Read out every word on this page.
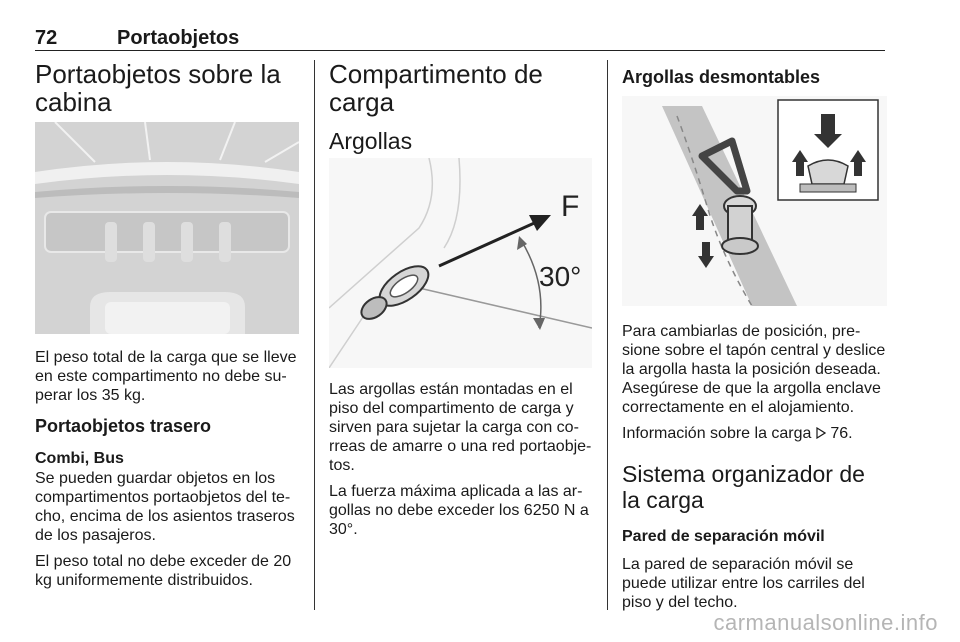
72	Portaobjetos
Portaobjetos sobre la cabina

El peso total de la carga que se lleve en este compartimento no debe su-perar los 35 kg.

Portaobjetos trasero
Combi, Bus

Se pueden guardar objetos en los compartimentos portaobjetos del te-cho, encima de los asientos traseros de los pasajeros.

El peso total no debe exceder de 20 kg uniformemente distribuidos.

Compartimento de carga
Argollas
F
30°

Las argollas están montadas en el piso del compartimento de carga y sirven para sujetar la carga con co-rreas de amarre o una red portaobje-tos.

La fuerza máxima aplicada a las ar-gollas no debe exceder los 6250 N a 30°.

Argollas desmontables

Para cambiarlas de posición, pre-sione sobre el tapón central y deslice la argolla hasta la posición deseada. Asegúrese de que la argolla enclave correctamente en el alojamiento.

Información sobre la carga 76.

Sistema organizador de la carga
Pared de separación móvil

La pared de separación móvil se puede utilizar entre los carriles del piso y del techo.

carmanualsonline.info
